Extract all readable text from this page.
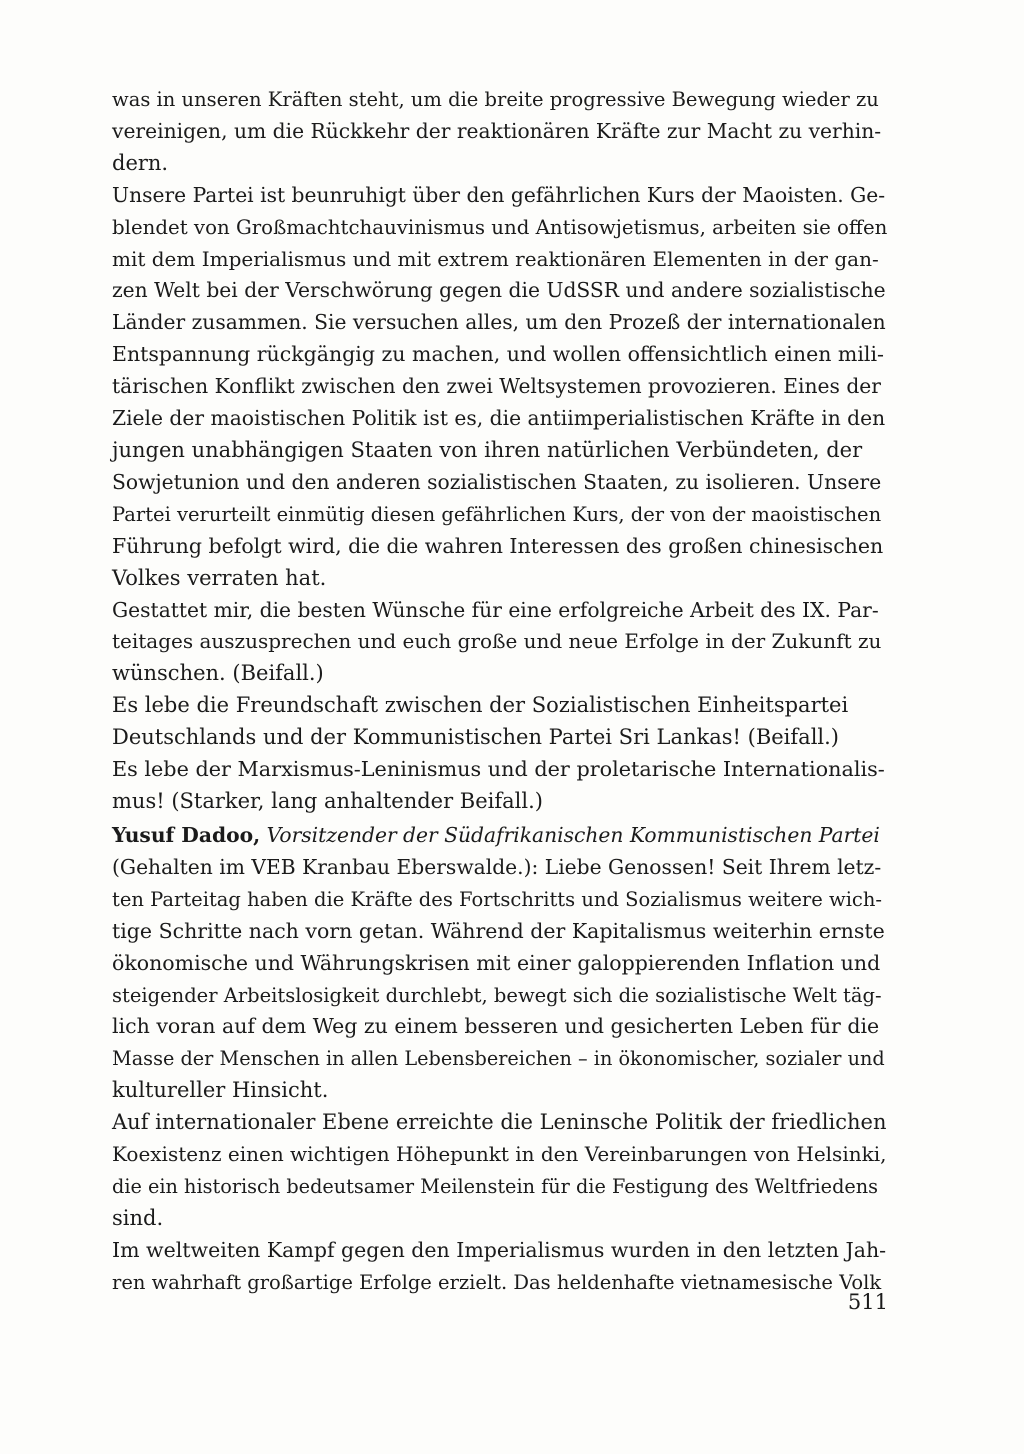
was in unseren Kräften steht, um die breite progressive Bewegung wieder zu
vereinigen, um die Rückkehr der reaktionären Kräfte zur Macht zu verhin-
dern.
Unsere Partei ist beunruhigt über den gefährlichen Kurs der Maoisten. Ge-
blendet von Großmachtchauvinismus und Antisowjetismus, arbeiten sie offen
mit dem Imperialismus und mit extrem reaktionären Elementen in der gan-
zen Welt bei der Verschwörung gegen die UdSSR und andere sozialistische
Länder zusammen. Sie versuchen alles, um den Prozeß der internationalen
Entspannung rückgängig zu machen, und wollen offensichtlich einen mili-
tärischen Konflikt zwischen den zwei Weltsystemen provozieren. Eines der
Ziele der maoistischen Politik ist es, die antiimperialistischen Kräfte in den
jungen unabhängigen Staaten von ihren natürlichen Verbündeten, der
Sowjetunion und den anderen sozialistischen Staaten, zu isolieren. Unsere
Partei verurteilt einmütig diesen gefährlichen Kurs, der von der maoistischen
Führung befolgt wird, die die wahren Interessen des großen chinesischen
Volkes verraten hat.
Gestattet mir, die besten Wünsche für eine erfolgreiche Arbeit des IX. Par-
teitages auszusprechen und euch große und neue Erfolge in der Zukunft zu
wünschen. (Beifall.)
Es lebe die Freundschaft zwischen der Sozialistischen Einheitspartei
Deutschlands und der Kommunistischen Partei Sri Lankas! (Beifall.)
Es lebe der Marxismus-Leninismus und der proletarische Internationalis-
mus! (Starker, lang anhaltender Beifall.)
Yusuf Dadoo, Vorsitzender der Südafrikanischen Kommunistischen Partei
(Gehalten im VEB Kranbau Eberswalde.): Liebe Genossen! Seit Ihrem letz-
ten Parteitag haben die Kräfte des Fortschritts und Sozialismus weitere wich-
tige Schritte nach vorn getan. Während der Kapitalismus weiterhin ernste
ökonomische und Währungskrisen mit einer galoppierenden Inflation und
steigender Arbeitslosigkeit durchlebt, bewegt sich die sozialistische Welt täg-
lich voran auf dem Weg zu einem besseren und gesicherten Leben für die
Masse der Menschen in allen Lebensbereichen – in ökonomischer, sozialer und
kultureller Hinsicht.
Auf internationaler Ebene erreichte die Leninsche Politik der friedlichen
Koexistenz einen wichtigen Höhepunkt in den Vereinbarungen von Helsinki,
die ein historisch bedeutsamer Meilenstein für die Festigung des Weltfriedens
sind.
Im weltweiten Kampf gegen den Imperialismus wurden in den letzten Jah-
ren wahrhaft großartige Erfolge erzielt. Das heldenhafte vietnamesische Volk
511
